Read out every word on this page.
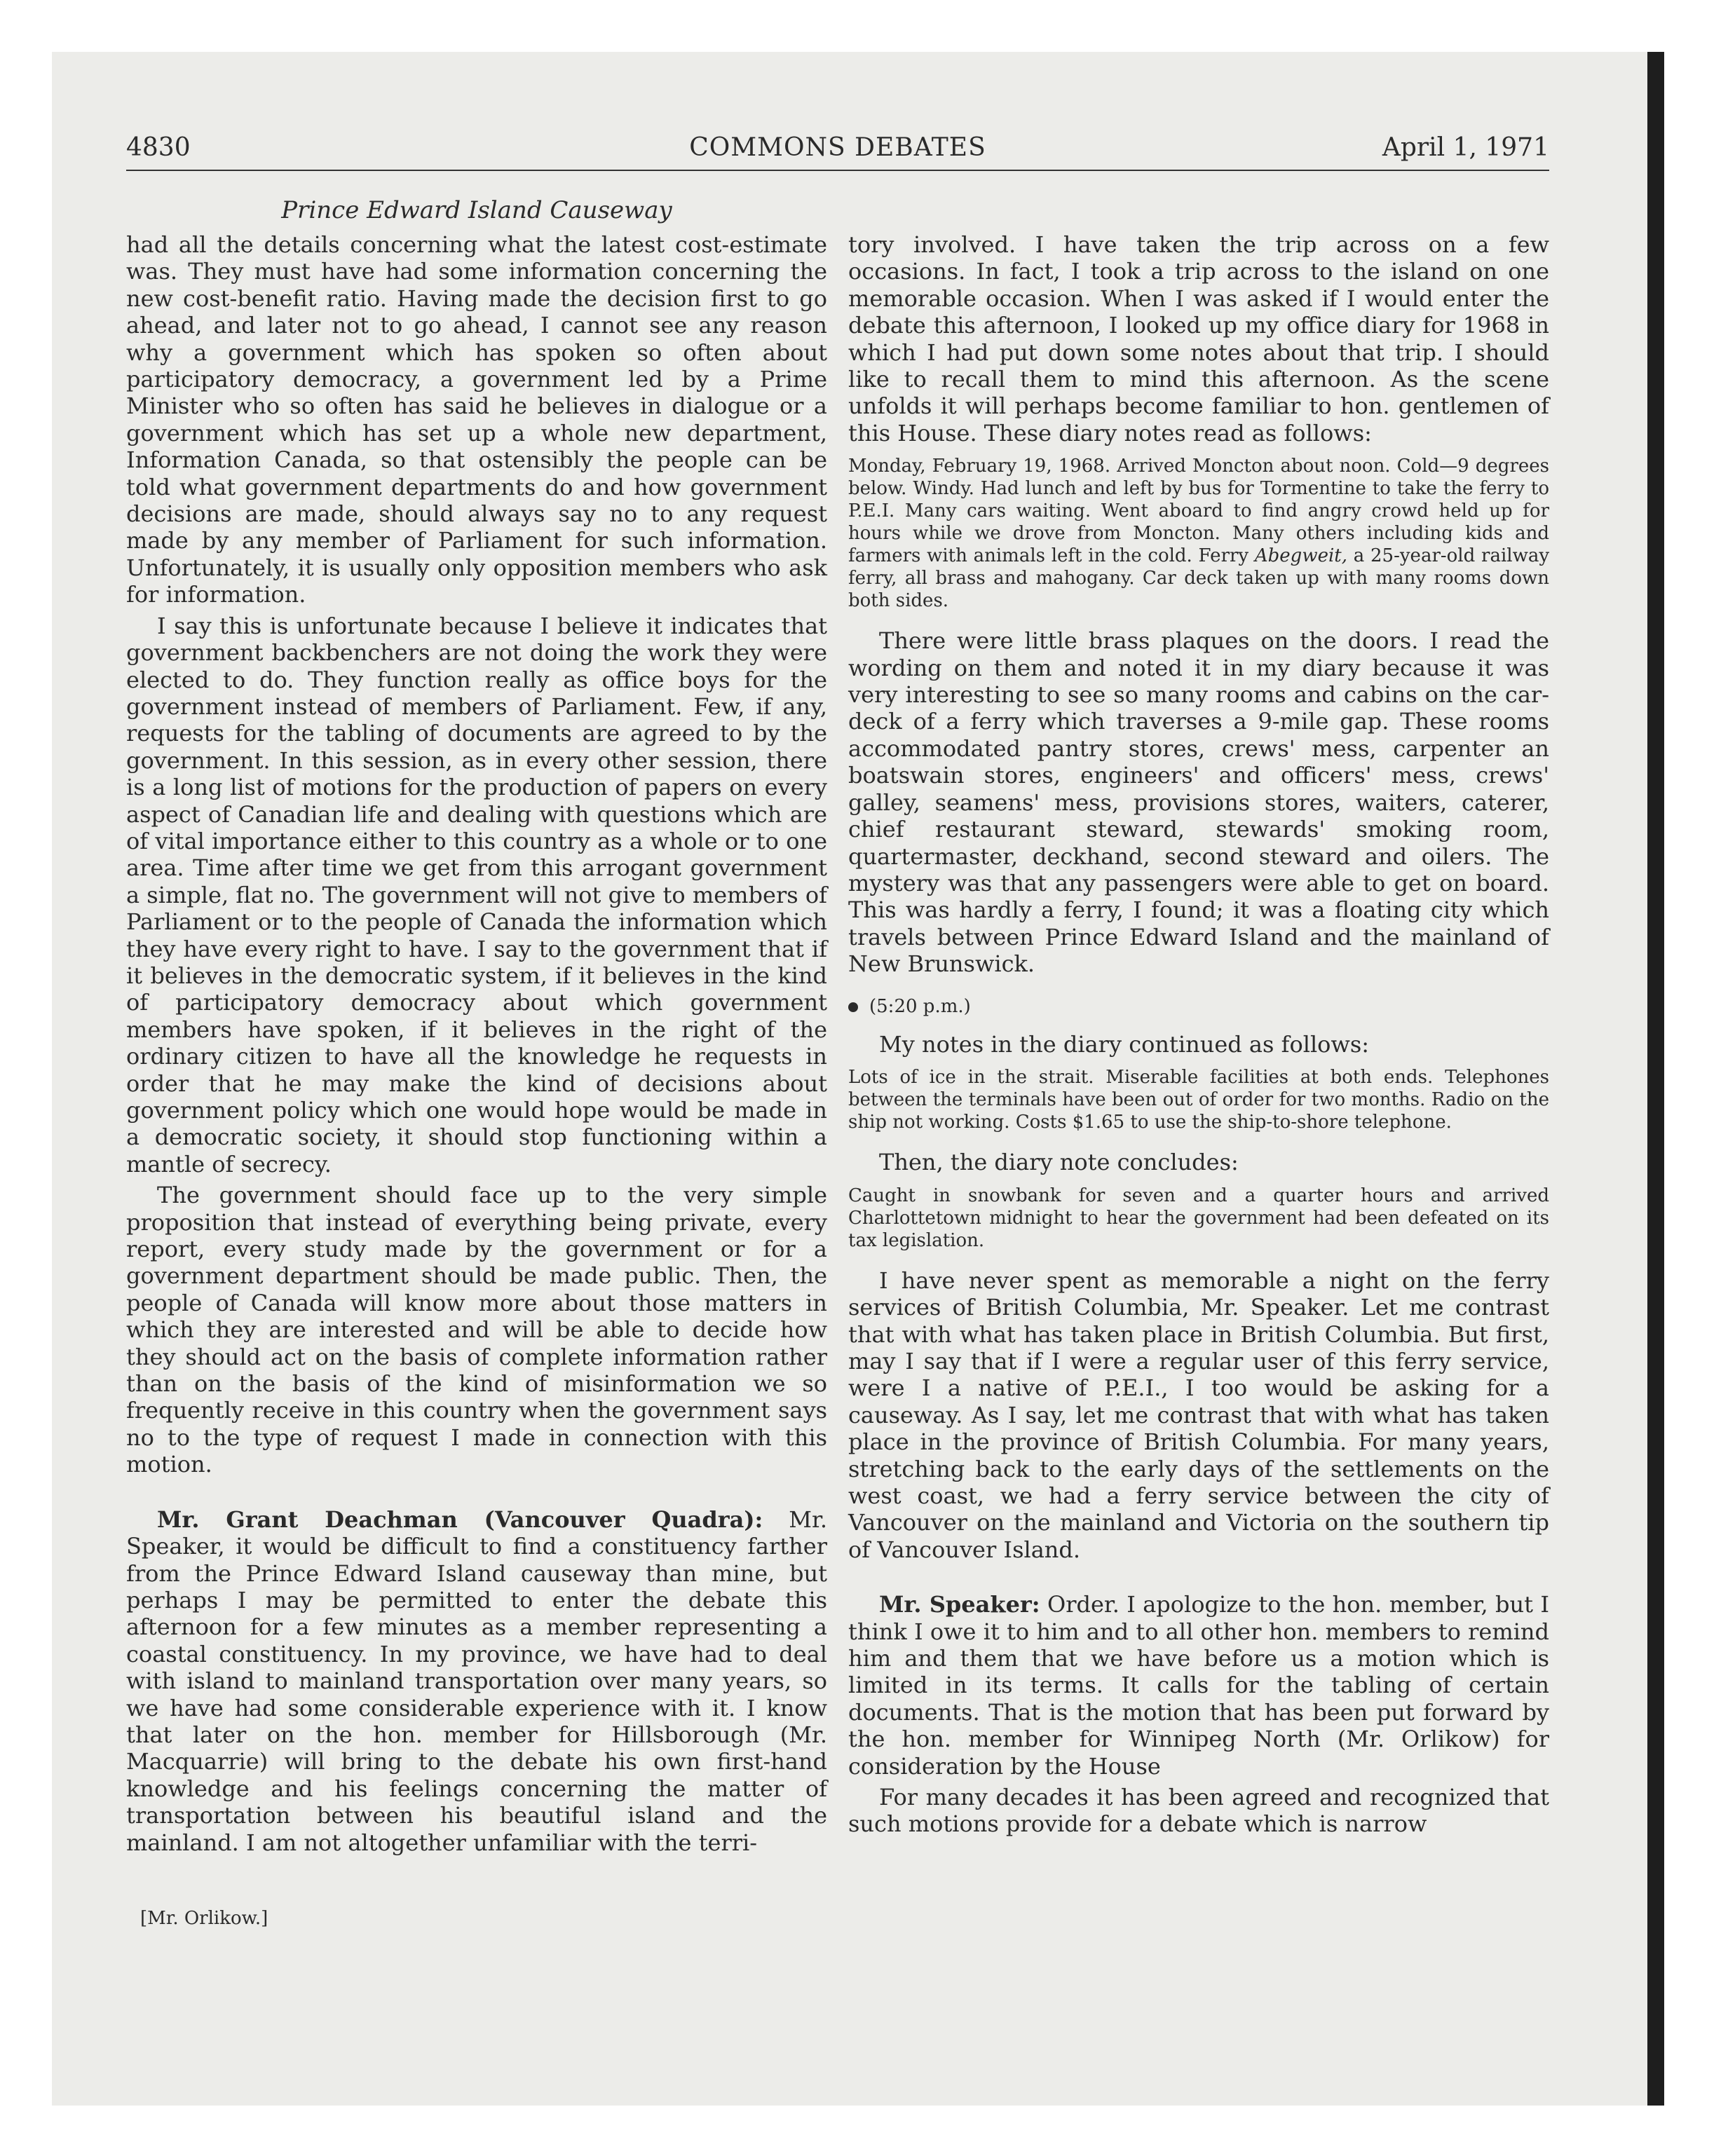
4830	COMMONS DEBATES	April 1, 1971
Prince Edward Island Causeway

had all the details concerning what the latest cost-estimate was. They must have had some information concerning the new cost-benefit ratio. Having made the decision first to go ahead, and later not to go ahead, I cannot see any reason why a government which has spoken so often about participatory democracy, a government led by a Prime Minister who so often has said he believes in dialogue or a government which has set up a whole new department, Information Canada, so that ostensibly the people can be told what government departments do and how government decisions are made, should always say no to any request made by any member of Parliament for such information. Unfortunately, it is usually only opposition members who ask for information.

I say this is unfortunate because I believe it indicates that government backbenchers are not doing the work they were elected to do. They function really as office boys for the government instead of members of Parliament. Few, if any, requests for the tabling of documents are agreed to by the government. In this session, as in every other session, there is a long list of motions for the production of papers on every aspect of Canadian life and dealing with questions which are of vital importance either to this country as a whole or to one area. Time after time we get from this arrogant government a simple, flat no. The government will not give to members of Parliament or to the people of Canada the information which they have every right to have. I say to the government that if it believes in the democratic system, if it believes in the kind of participatory democracy about which government members have spoken, if it believes in the right of the ordinary citizen to have all the knowledge he requests in order that he may make the kind of decisions about government policy which one would hope would be made in a democratic society, it should stop functioning within a mantle of secrecy.

The government should face up to the very simple proposition that instead of everything being private, every report, every study made by the government or for a government department should be made public. Then, the people of Canada will know more about those matters in which they are interested and will be able to decide how they should act on the basis of complete information rather than on the basis of the kind of misinformation we so frequently receive in this country when the government says no to the type of request I made in connection with this motion.

Mr. Grant Deachman (Vancouver Quadra): Mr. Speaker, it would be difficult to find a constituency farther from the Prince Edward Island causeway than mine, but perhaps I may be permitted to enter the debate this afternoon for a few minutes as a member representing a coastal constituency. In my province, we have had to deal with island to mainland transportation over many years, so we have had some considerable experience with it. I know that later on the hon. member for Hillsborough (Mr. Macquarrie) will bring to the debate his own first-hand knowledge and his feelings concerning the matter of transportation between his beautiful island and the mainland. I am not altogether unfamiliar with the terri-

tory involved. I have taken the trip across on a few occasions. In fact, I took a trip across to the island on one memorable occasion. When I was asked if I would enter the debate this afternoon, I looked up my office diary for 1968 in which I had put down some notes about that trip. I should like to recall them to mind this afternoon. As the scene unfolds it will perhaps become familiar to hon. gentlemen of this House. These diary notes read as follows:

Monday, February 19, 1968. Arrived Moncton about noon. Cold—9 degrees below. Windy. Had lunch and left by bus for Tormentine to take the ferry to P.E.I. Many cars waiting. Went aboard to find angry crowd held up for hours while we drove from Moncton. Many others including kids and farmers with animals left in the cold. Ferry Abegweit, a 25-year-old railway ferry, all brass and mahogany. Car deck taken up with many rooms down both sides.

There were little brass plaques on the doors. I read the wording on them and noted it in my diary because it was very interesting to see so many rooms and cabins on the car-deck of a ferry which traverses a 9-mile gap. These rooms accommodated pantry stores, crews' mess, carpenter an boatswain stores, engineers' and officers' mess, crews' galley, seamens' mess, provisions stores, waiters, caterer, chief restaurant steward, stewards' smoking room, quartermaster, deckhand, second steward and oilers. The mystery was that any passengers were able to get on board. This was hardly a ferry, I found; it was a floating city which travels between Prince Edward Island and the mainland of New Brunswick.

(5:20 p.m.)

My notes in the diary continued as follows:

Lots of ice in the strait. Miserable facilities at both ends. Telephones between the terminals have been out of order for two months. Radio on the ship not working. Costs $1.65 to use the ship-to-shore telephone.

Then, the diary note concludes:

Caught in snowbank for seven and a quarter hours and arrived Charlottetown midnight to hear the government had been defeated on its tax legislation.

I have never spent as memorable a night on the ferry services of British Columbia, Mr. Speaker. Let me contrast that with what has taken place in British Columbia. But first, may I say that if I were a regular user of this ferry service, were I a native of P.E.I., I too would be asking for a causeway. As I say, let me contrast that with what has taken place in the province of British Columbia. For many years, stretching back to the early days of the settlements on the west coast, we had a ferry service between the city of Vancouver on the mainland and Victoria on the southern tip of Vancouver Island.

Mr. Speaker: Order. I apologize to the hon. member, but I think I owe it to him and to all other hon. members to remind him and them that we have before us a motion which is limited in its terms. It calls for the tabling of certain documents. That is the motion that has been put forward by the hon. member for Winnipeg North (Mr. Orlikow) for consideration by the House

For many decades it has been agreed and recognized that such motions provide for a debate which is narrow

[Mr. Orlikow.]
